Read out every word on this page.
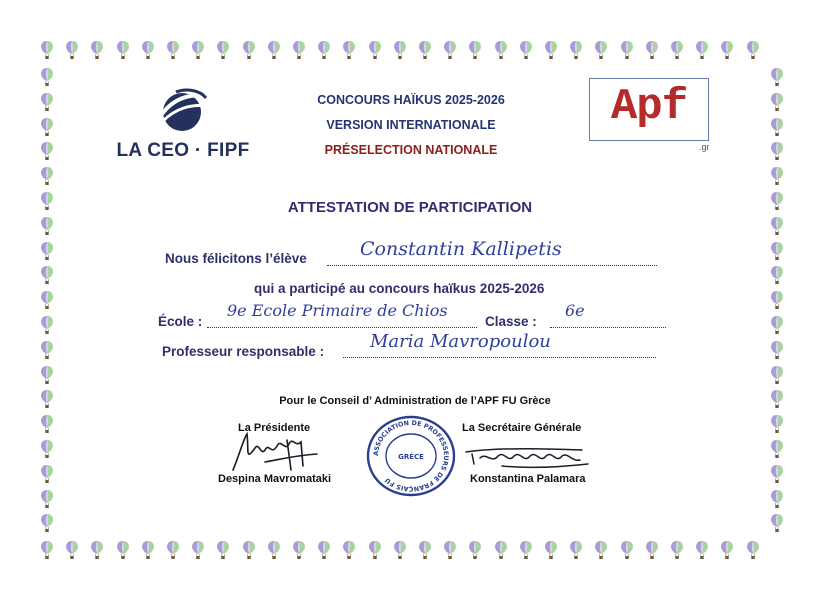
LA CEO · FIPF
CONCOURS HAÏKUS 2025-2026
VERSION INTERNATIONALE
PRÉSELECTION NATIONALE
Apf
.gr
ATTESTATION DE PARTICIPATION
Nous félicitons l’élève	Constantin Kallipetis
qui a participé au concours haïkus 2025-2026
École :
9e Ecole Primaire de Chios
Classe :
6e
Professeur responsable :	Maria Mavropoulou
Pour le Conseil d’ Administration de l’APF FU Grèce
La Présidente
Despina Mavromataki
ASSOCIATION DE PROFESSEURS DE FRANÇAIS FU
GRÈCE
La Secrétaire Générale
Konstantina Palamara
